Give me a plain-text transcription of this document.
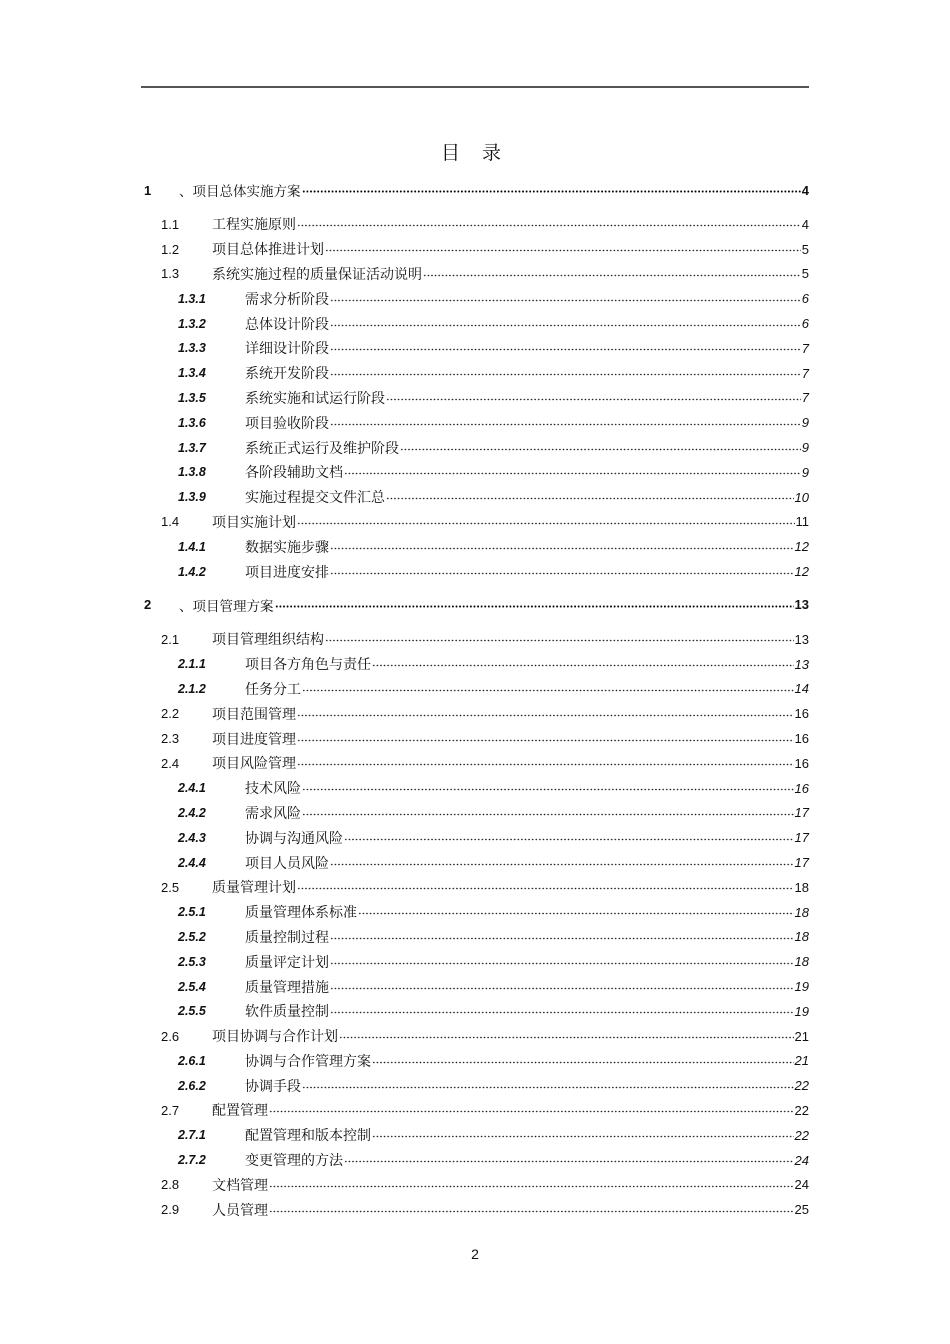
目 录
1	、项目总体实施方案	4
1.1	工程实施原则	4
1.2	项目总体推进计划	5
1.3	系统实施过程的质量保证活动说明	5
1.3.1	需求分析阶段	6
1.3.2	总体设计阶段	6
1.3.3	详细设计阶段	7
1.3.4	系统开发阶段	7
1.3.5	系统实施和试运行阶段	7
1.3.6	项目验收阶段	9
1.3.7	系统正式运行及维护阶段	9
1.3.8	各阶段辅助文档	9
1.3.9	实施过程提交文件汇总	10
1.4	项目实施计划	11
1.4.1	数据实施步骤	12
1.4.2	项目进度安排	12
2	、项目管理方案	13
2.1	项目管理组织结构	13
2.1.1	项目各方角色与责任	13
2.1.2	任务分工	14
2.2	项目范围管理	16
2.3	项目进度管理	16
2.4	项目风险管理	16
2.4.1	技术风险	16
2.4.2	需求风险	17
2.4.3	协调与沟通风险	17
2.4.4	项目人员风险	17
2.5	质量管理计划	18
2.5.1	质量管理体系标准	18
2.5.2	质量控制过程	18
2.5.3	质量评定计划	18
2.5.4	质量管理措施	19
2.5.5	软件质量控制	19
2.6	项目协调与合作计划	21
2.6.1	协调与合作管理方案	21
2.6.2	协调手段	22
2.7	配置管理	22
2.7.1	配置管理和版本控制	22
2.7.2	变更管理的方法	24
2.8	文档管理	24
2.9	人员管理	25
2
